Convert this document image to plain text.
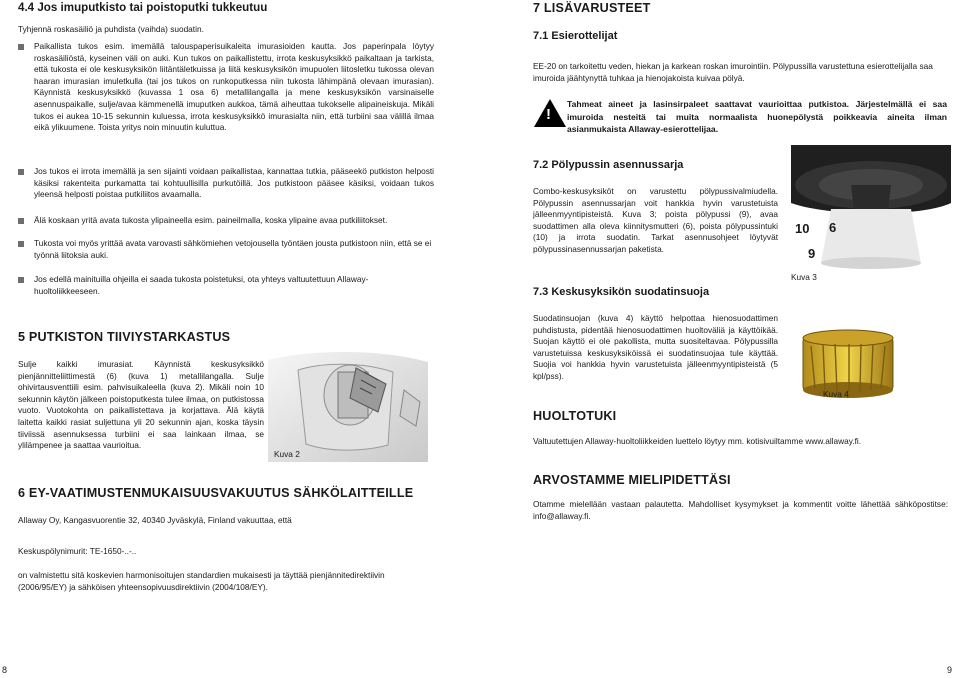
4.4 Jos imuputkisto tai poistoputki tukkeutuu

Tyhjennä roskasäiliö ja puhdista (vaihda) suodatin.

Paikallista tukos esim. imemällä talouspaperisuikaleita imurasioiden kautta. Jos paperinpala löytyy roskasäiliöstä, kyseinen väli on auki. Kun tukos on paikallistettu, irrota keskusyksikkö paikaltaan ja tarkista, että tukosta ei ole keskusyksikön liitäntäletkuissa ja liitä keskusyksikön imupuolen liitosletku tukossa olevan haaran imurasian imuletkulla (tai jos tukos on runkoputkessa niin tukosta lähimpänä olevaan imurasian). Käynnistä keskusyksikkö (kuvassa 1 osa 6) metallilangalla ja mene keskusyksikön varsinaiselle asennuspaikalle, sulje/avaa kämmenellä imuputken aukkoa, tämä aiheuttaa tukokselle alipaineiskuja. Mikäli tukos ei aukea 10-15 sekunnin kuluessa, irrota keskusyksikkö imurasialta niin, että turbiini saa välillä ilmaa eikä ylikuumene. Toista yritys noin minuutin kuluttua.

Jos tukos ei irrota imemällä ja sen sijainti voidaan paikallistaa, kannattaa tutkia, pääseekö putkiston helposti käsiksi rakenteita purkamatta tai kohtuullisilla purkutöillä. Jos putkistoon pääsee käsiksi, voidaan tukos yleensä helposti poistaa putkiliitos avaamalla.

Älä koskaan yritä avata tukosta ylipaineella esim. paineilmalla, koska ylipaine avaa putkiliitokset.

Tukosta voi myös yrittää avata varovasti sähkömiehen vetojousella työntäen jousta putkistoon niin, että se ei työnnä liitoksia auki.

Jos edellä mainituilla ohjeilla ei saada tukosta poistetuksi, ota yhteys valtuutettuun Allaway-huoltoliikkeeseen.

5 PUTKISTON TIIVIYSTARKASTUS

Sulje kaikki imurasiat. Käynnistä keskusyksikkö pienjännitteliittimestä (6) (kuva 1) metallilangalla. Sulje ohivirtausventtiili esim. pahvisuikaleella (kuva 2). Mikäli noin 10 sekunnin käytön jälkeen poistoputkesta tulee ilmaa, on putkistossa vuoto. Vuotokohta on paikallistettava ja korjattava. Älä käytä laitetta kaikki rasiat suljettuna yli 20 sekunnin ajan, koska täysin tiiviissä asennuksessa turbiini ei saa lainkaan ilmaa, se ylilämpenee ja saattaa vaurioitua.

Kuva 2

6 EY-VAATIMUSTENMUKAISUUSVAKUUTUS SÄHKÖLAITTEILLE

Allaway Oy, Kangasvuorentie 32, 40340 Jyväskylä, Finland vakuuttaa, että

Keskuspölynimurit: TE-1650-..-..

on valmistettu sitä koskevien harmonisoitujen standardien mukaisesti ja täyttää pienjännitedirektiivin (2006/95/EY) ja sähköisen yhteensopivuusdirektiivin (2004/108/EY).

8

7 LISÄVARUSTEET

7.1 Esierottelijat

EE-20 on tarkoitettu veden, hiekan ja karkean roskan imurointiin. Pölypussilla varustettuna esierottelijalla saa imuroida jäähtynyttä tuhkaa ja hienojakoista kuivaa pölyä.

!

Tahmeat aineet ja lasinsirpaleet saattavat vaurioittaa putkistoa. Järjestelmällä ei saa imuroida nesteitä tai muita normaalista huonepölystä poikkeavia aineita ilman asianmukaista Allaway-esierottelijaa.

7.2 Pölypussin asennussarja

Combo-keskusyksiköt on varustettu pölypussivalmiudella. Pölypussin asennussarjan voit hankkia hyvin varustetuista jälleenmyyntipisteistä. Kuva 3; poista pölypussi (9), avaa suodattimen alla oleva kiinnitysmutteri (6), poista pölypussintuki (10) ja irrota suodatin. Tarkat asennusohjeet löytyvät pölypussinasennussarjan paketista.

10 6
9

Kuva 3

7.3 Keskusyksikön suodatinsuoja

Suodatinsuojan (kuva 4) käyttö helpottaa hienosuodattimen puhdistusta, pidentää hienosuodattimen huoltoväliä ja käyttöikää. Suojan käyttö ei ole pakollista, mutta suositeltavaa. Pölypussilla varustetuissa keskusyksiköissä ei suodatinsuojaa tule käyttää. Suojia voi hankkia hyvin varustetuista jälleenmyyntipisteistä (5 kpl/pss).

Kuva 4

HUOLTOTUKI

Valtuutettujen Allaway-huoltoliikkeiden luettelo löytyy mm. kotisivuiltamme www.allaway.fi.

ARVOSTAMME MIELIPIDETTÄSI

Otamme mielellään vastaan palautetta. Mahdolliset kysymykset ja kommentit voitte lähettää sähköpostitse: info@allaway.fi.

9
